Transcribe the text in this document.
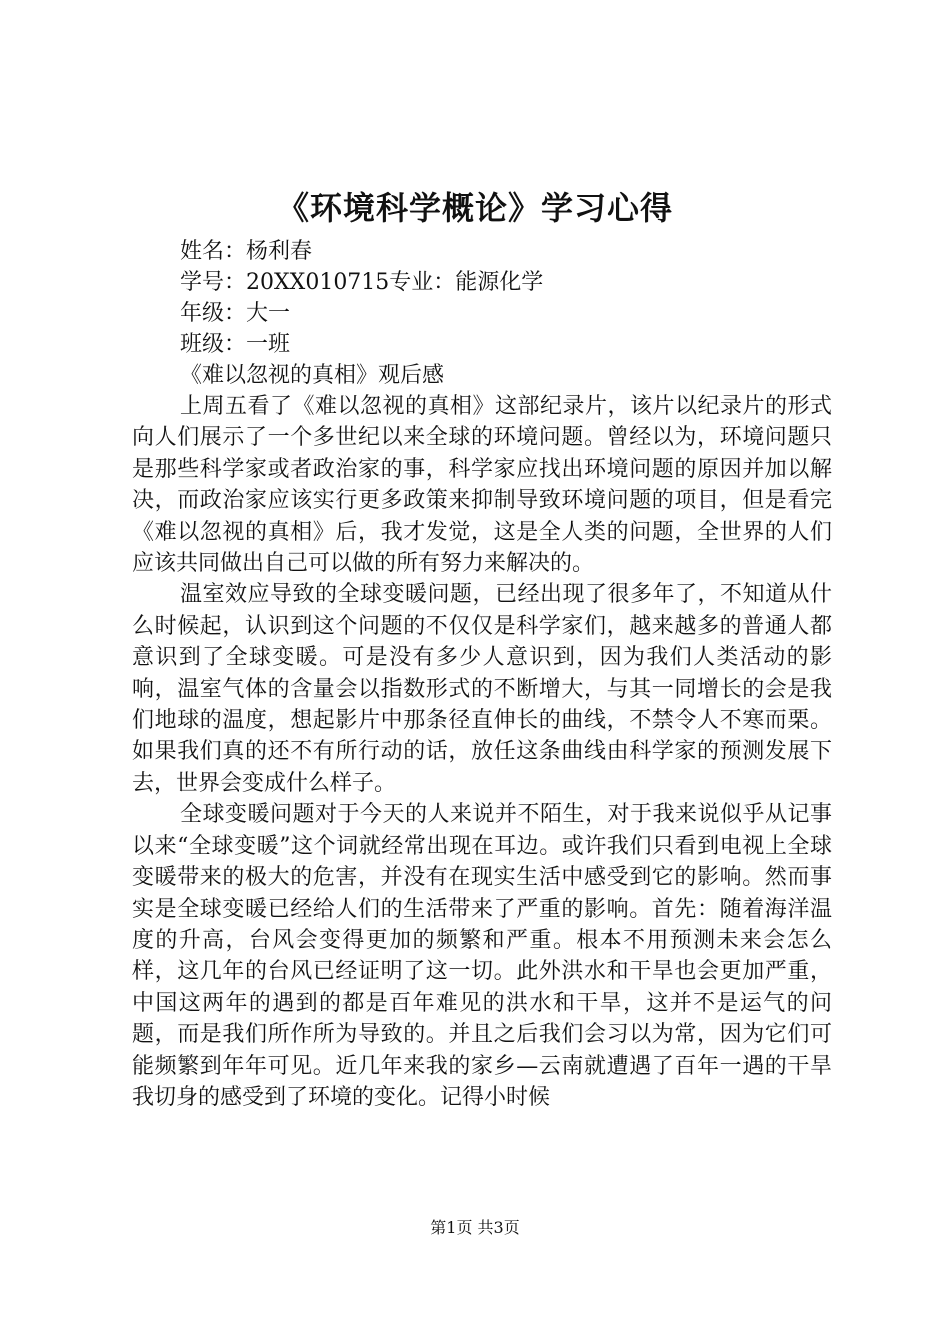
《环境科学概论》学习心得
姓名：杨利春
学号：20XX010715专业：能源化学
年级：大一
班级：一班
《难以忽视的真相》观后感

上周五看了《难以忽视的真相》这部纪录片，该片以纪录片的形式向人们展示了一个多世纪以来全球的环境问题。曾经以为，环境问题只是那些科学家或者政治家的事，科学家应找出环境问题的原因并加以解决，而政治家应该实行更多政策来抑制导致环境问题的项目，但是看完《难以忽视的真相》后，我才发觉，这是全人类的问题，全世界的人们应该共同做出自己可以做的所有努力来解决的。

温室效应导致的全球变暖问题，已经出现了很多年了，不知道从什么时候起，认识到这个问题的不仅仅是科学家们，越来越多的普通人都意识到了全球变暖。可是没有多少人意识到，因为我们人类活动的影响，温室气体的含量会以指数形式的不断增大，与其一同增长的会是我们地球的温度，想起影片中那条径直伸长的曲线，不禁令人不寒而栗。如果我们真的还不有所行动的话，放任这条曲线由科学家的预测发展下去，世界会变成什么样子。

全球变暖问题对于今天的人来说并不陌生，对于我来说似乎从记事以来“全球变暖”这个词就经常出现在耳边。或许我们只看到电视上全球变暖带来的极大的危害，并没有在现实生活中感受到它的影响。然而事实是全球变暖已经给人们的生活带来了严重的影响。首先：随着海洋温度的升高，台风会变得更加的频繁和严重。根本不用预测未来会怎么样，这几年的台风已经证明了这一切。此外洪水和干旱也会更加严重，中国这两年的遇到的都是百年难见的洪水和干旱，这并不是运气的问题，而是我们所作所为导致的。并且之后我们会习以为常，因为它们可能频繁到年年可见。近几年来我的家乡—云南就遭遇了百年一遇的干旱我切身的感受到了环境的变化。记得小时候

第1页 共3页
